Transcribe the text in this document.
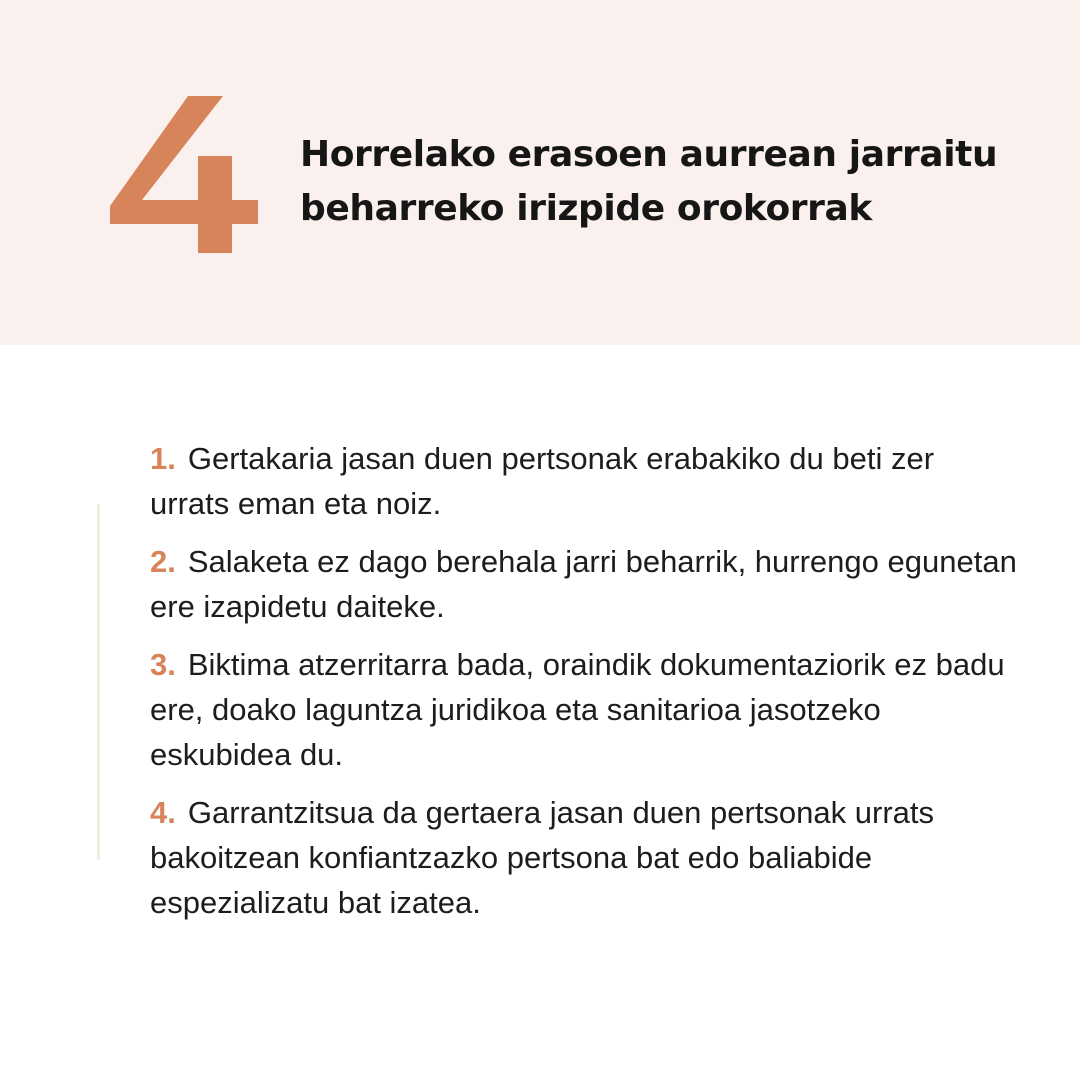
Horrelako erasoen aurrean jarraitu beharreko irizpide orokorrak
1. Gertakaria jasan duen pertsonak erabakiko du beti zer urrats eman eta noiz.
2. Salaketa ez dago berehala jarri beharrik, hurrengo egunetan ere izapidetu daiteke.
3. Biktima atzerritarra bada, oraindik dokumentaziorik ez badu ere, doako laguntza juridikoa eta sanitarioa jasotzeko eskubidea du.
4. Garrantzitsua da gertaera jasan duen pertsonak urrats bakoitzean konfiantzazko pertsona bat edo baliabide espezializatu bat izatea.
